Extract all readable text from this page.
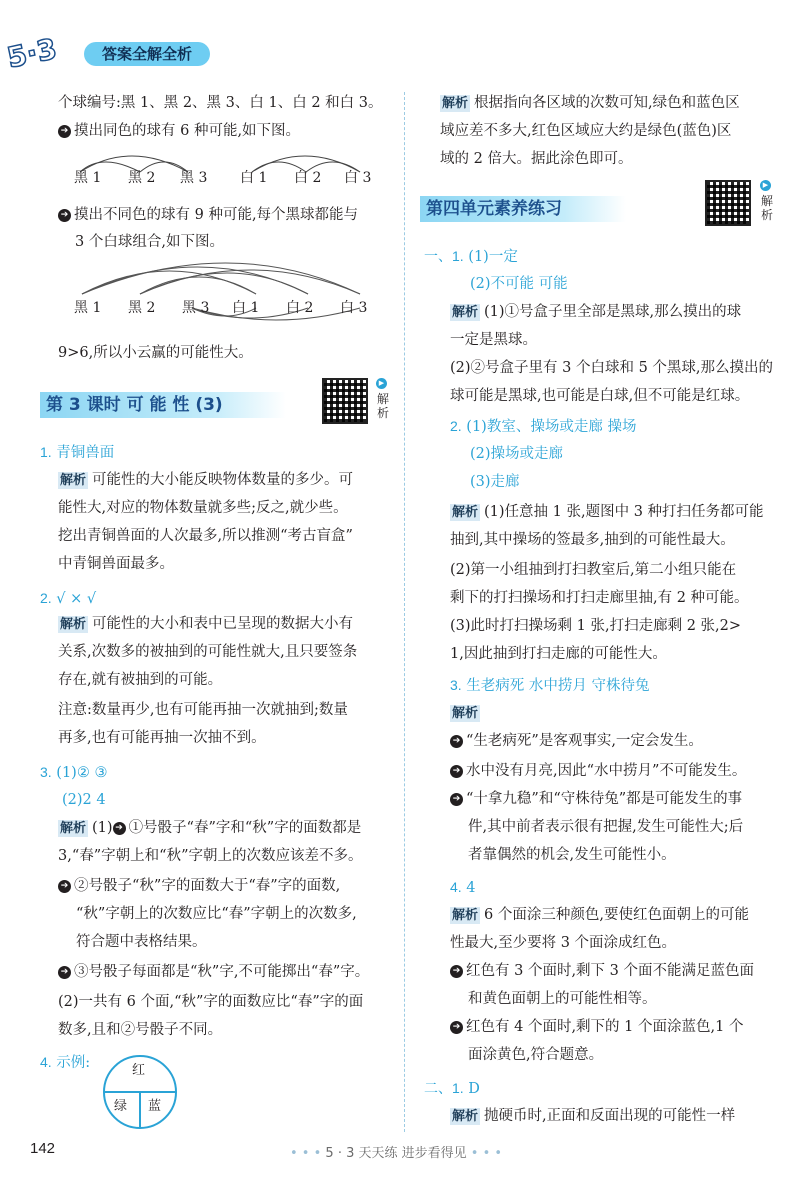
5·3	答案全解全析
个球编号:黑 1、黑 2、黑 3、白 1、白 2 和白 3。
➔ 摸出同色的球有 6 种可能,如下图。
黑 1 黑 2 黑 3 白 1 白 2 白 3
➔ 摸出不同色的球有 9 种可能,每个黑球都能与
3 个白球组合,如下图。
黑 1 黑 2 黑 3 白 1 白 2 白 3
9>6,所以小云赢的可能性大。
第 3 课时 可 能 性 (3)
▶
解析
1. 青铜兽面
解析 可能性的大小能反映物体数量的多少。可
能性大,对应的物体数量就多些;反之,就少些。
挖出青铜兽面的人次最多,所以推测“考古盲盒”
中青铜兽面最多。
2. √ × √
解析 可能性的大小和表中已呈现的数据大小有
关系,次数多的被抽到的可能性就大,且只要签条
存在,就有被抽到的可能。
注意:数量再少,也有可能再抽一次就抽到;数量
再多,也有可能再抽一次抽不到。
3. (1)② ③
(2)2 4
解析 (1) ➔ ①号骰子“春”字和“秋”字的面数都是
3,“春”字朝上和“秋”字朝上的次数应该差不多。
➔ ②号骰子“秋”字的面数大于“春”字的面数,
“秋”字朝上的次数应比“春”字朝上的次数多,
符合题中表格结果。
➔ ③号骰子每面都是“秋”字,不可能掷出“春”字。
(2)一共有 6 个面,“秋”字的面数应比“春”字的面
数多,且和②号骰子不同。
4. 示例:	红
绿 蓝
解析 根据指向各区域的次数可知,绿色和蓝色区
域应差不多大,红色区域应大约是绿色(蓝色)区
域的 2 倍大。据此涂色即可。
第四单元素养练习
▶
解析
一、1. (1)一定
(2)不可能 可能
解析 (1)①号盒子里全部是黑球,那么摸出的球
一定是黑球。
(2)②号盒子里有 3 个白球和 5 个黑球,那么摸出的
球可能是黑球,也可能是白球,但不可能是红球。
2. (1)教室、操场或走廊 操场
(2)操场或走廊
(3)走廊
解析 (1)任意抽 1 张,题图中 3 种打扫任务都可能
抽到,其中操场的签最多,抽到的可能性最大。
(2)第一小组抽到打扫教室后,第二小组只能在
剩下的打扫操场和打扫走廊里抽,有 2 种可能。
(3)此时打扫操场剩 1 张,打扫走廊剩 2 张,2>
1,因此抽到打扫走廊的可能性大。
3. 生老病死 水中捞月 守株待兔
解析
➔ “生老病死”是客观事实,一定会发生。
➔ 水中没有月亮,因此“水中捞月”不可能发生。
➔ “十拿九稳”和“守株待兔”都是可能发生的事
件,其中前者表示很有把握,发生可能性大;后
者靠偶然的机会,发生可能性小。
4. 4
解析 6 个面涂三种颜色,要使红色面朝上的可能
性最大,至少要将 3 个面涂成红色。
➔ 红色有 3 个面时,剩下 3 个面不能满足蓝色面
和黄色面朝上的可能性相等。
➔ 红色有 4 个面时,剩下的 1 个面涂蓝色,1 个
面涂黄色,符合题意。
二、1. D
解析 抛硬币时,正面和反面出现的可能性一样
142	• • • 5 · 3 天天练 进步看得见 • • •
